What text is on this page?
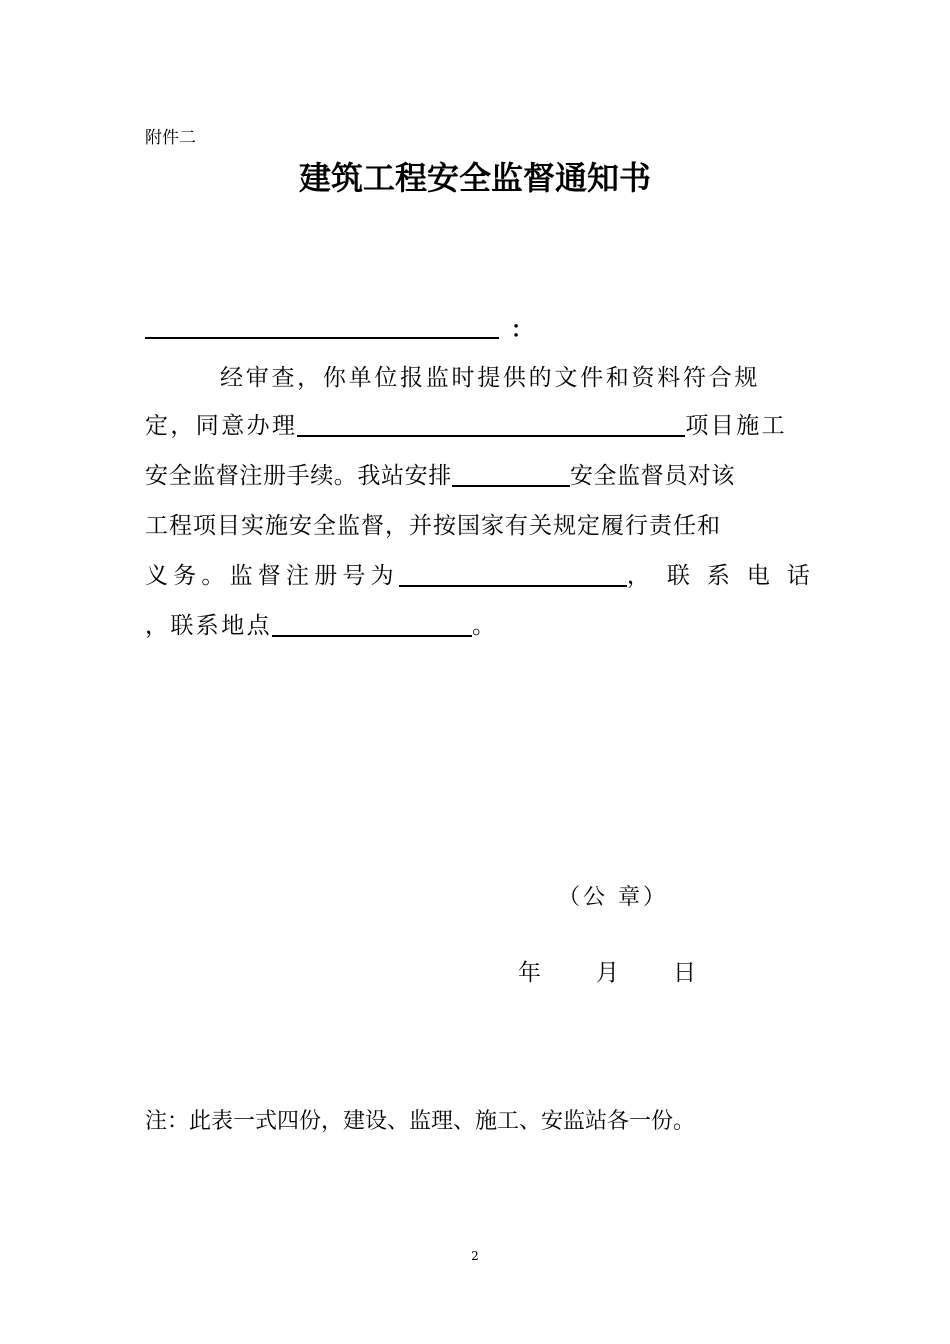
附件二
建筑工程安全监督通知书
：
经审查，你单位报监时提供的文件和资料符合规
定，同意办理	项目施工
安全监督注册手续。我站安排	安全监督员对该
工程项目实施安全监督，并按国家有关规定履行责任和
义务。监督注册号为	，联系电话
，联系地点	。
（公 章）
年 月 日
注：此表一式四份，建设、监理、施工、安监站各一份。
2
